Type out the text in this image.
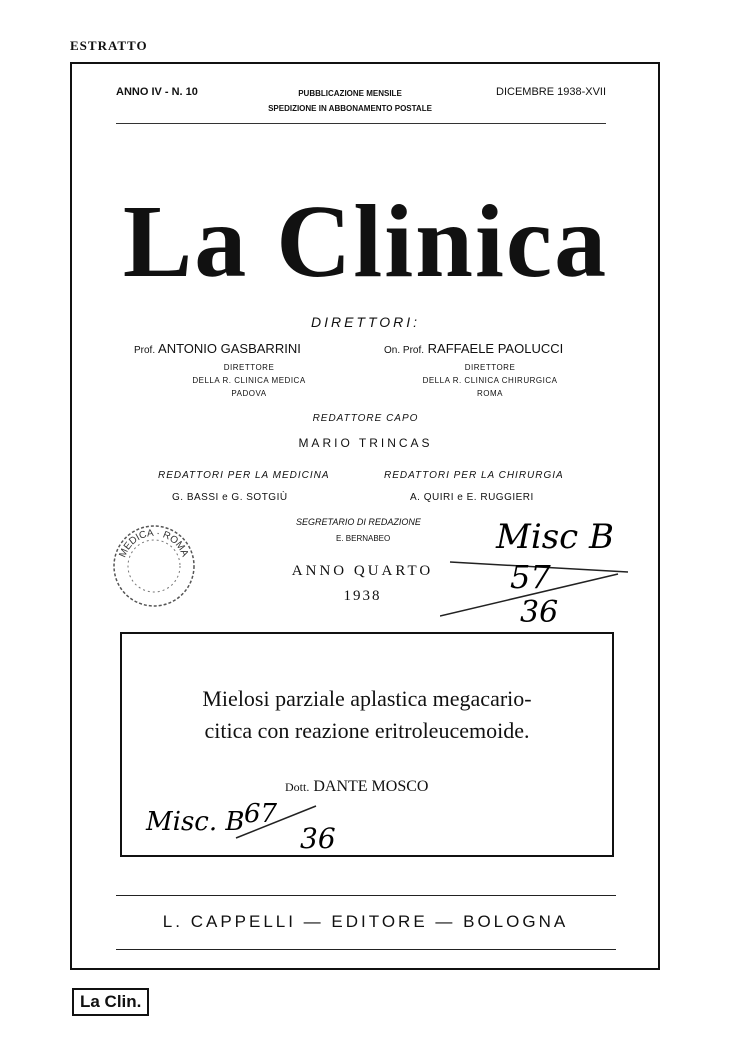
ESTRATTO
ANNO IV - N. 10	PUBBLICAZIONE MENSILE
SPEDIZIONE IN ABBONAMENTO POSTALE
DICEMBRE 1938-XVII
La Clinica
DIRETTORI:
Prof. ANTONIO GASBARRINI
DIRETTORE
DELLA R. CLINICA MEDICA
PADOVA
On. Prof. RAFFAELE PAOLUCCI
DIRETTORE
DELLA R. CLINICA CHIRURGICA
ROMA
REDATTORE CAPO
MARIO TRINCAS
REDATTORI PER LA MEDICINA
G. BASSI e G. SOTGIÙ
REDATTORI PER LA CHIRURGIA
A. QUIRI e E. RUGGIERI
SEGRETARIO DI REDAZIONE
E. BERNABEO
ANNO QUARTO
1938
MEDICA · ROMA	Misc B
57
36
Mielosi parziale aplastica megacario-
citica con reazione eritroleucemoide.
Dott. DANTE MOSCO
Misc. B 67
36
L. CAPPELLI — EDITORE — BOLOGNA
La Clin.
